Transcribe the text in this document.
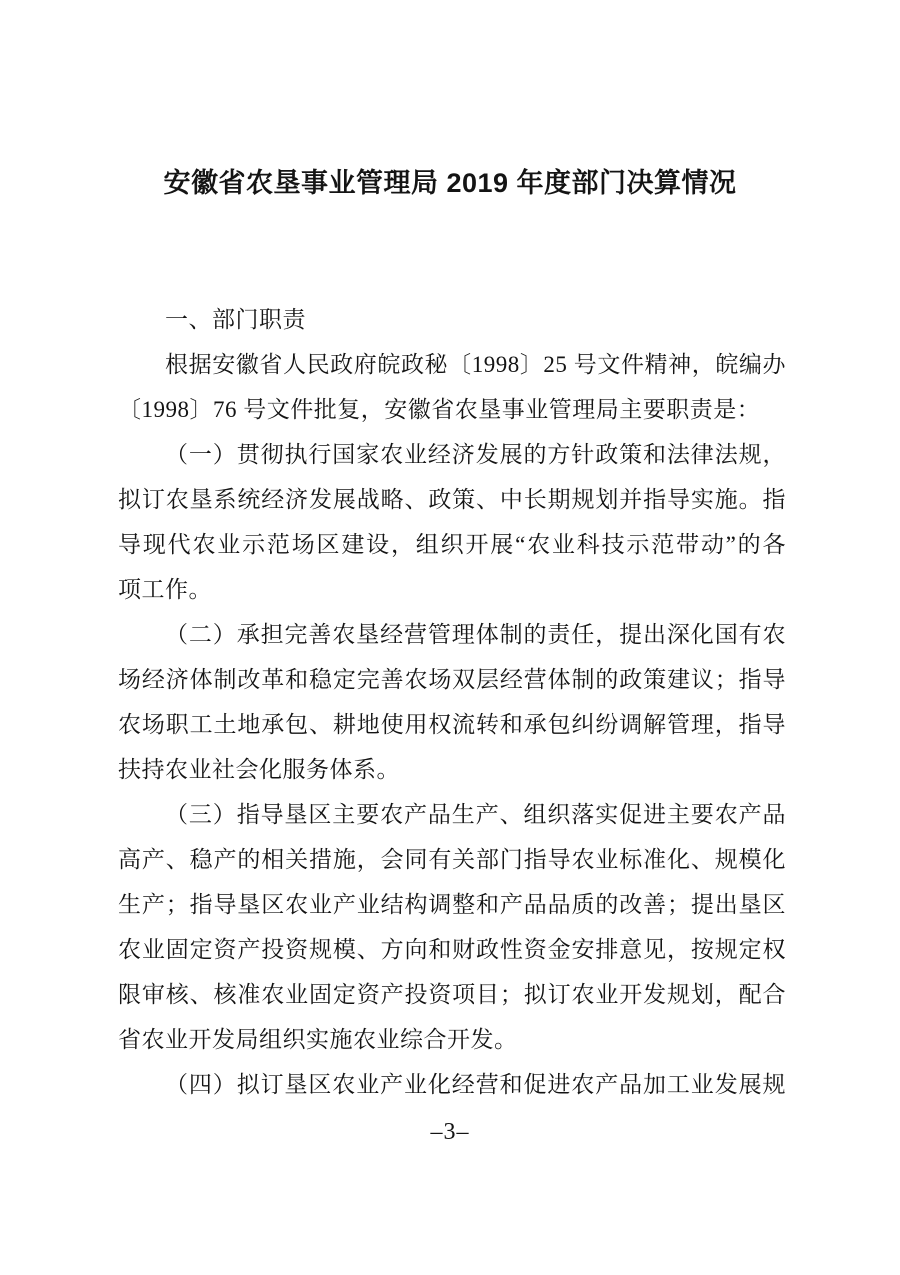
安徽省农垦事业管理局 2019 年度部门决算情况
一、部门职责
根据安徽省人民政府皖政秘〔1998〕25 号文件精神，皖编办
〔1998〕76 号文件批复，安徽省农垦事业管理局主要职责是：
（一）贯彻执行国家农业经济发展的方针政策和法律法规，
拟订农垦系统经济发展战略、政策、中长期规划并指导实施。指
导现代农业示范场区建设，组织开展“农业科技示范带动”的各
项工作。
（二）承担完善农垦经营管理体制的责任，提出深化国有农
场经济体制改革和稳定完善农场双层经营体制的政策建议；指导
农场职工土地承包、耕地使用权流转和承包纠纷调解管理，指导
扶持农业社会化服务体系。
（三）指导垦区主要农产品生产、组织落实促进主要农产品
高产、稳产的相关措施，会同有关部门指导农业标准化、规模化
生产；指导垦区农业产业结构调整和产品品质的改善；提出垦区
农业固定资产投资规模、方向和财政性资金安排意见，按规定权
限审核、核准农业固定资产投资项目；拟订农业开发规划，配合
省农业开发局组织实施农业综合开发。
（四）拟订垦区农业产业化经营和促进农产品加工业发展规
–3–
